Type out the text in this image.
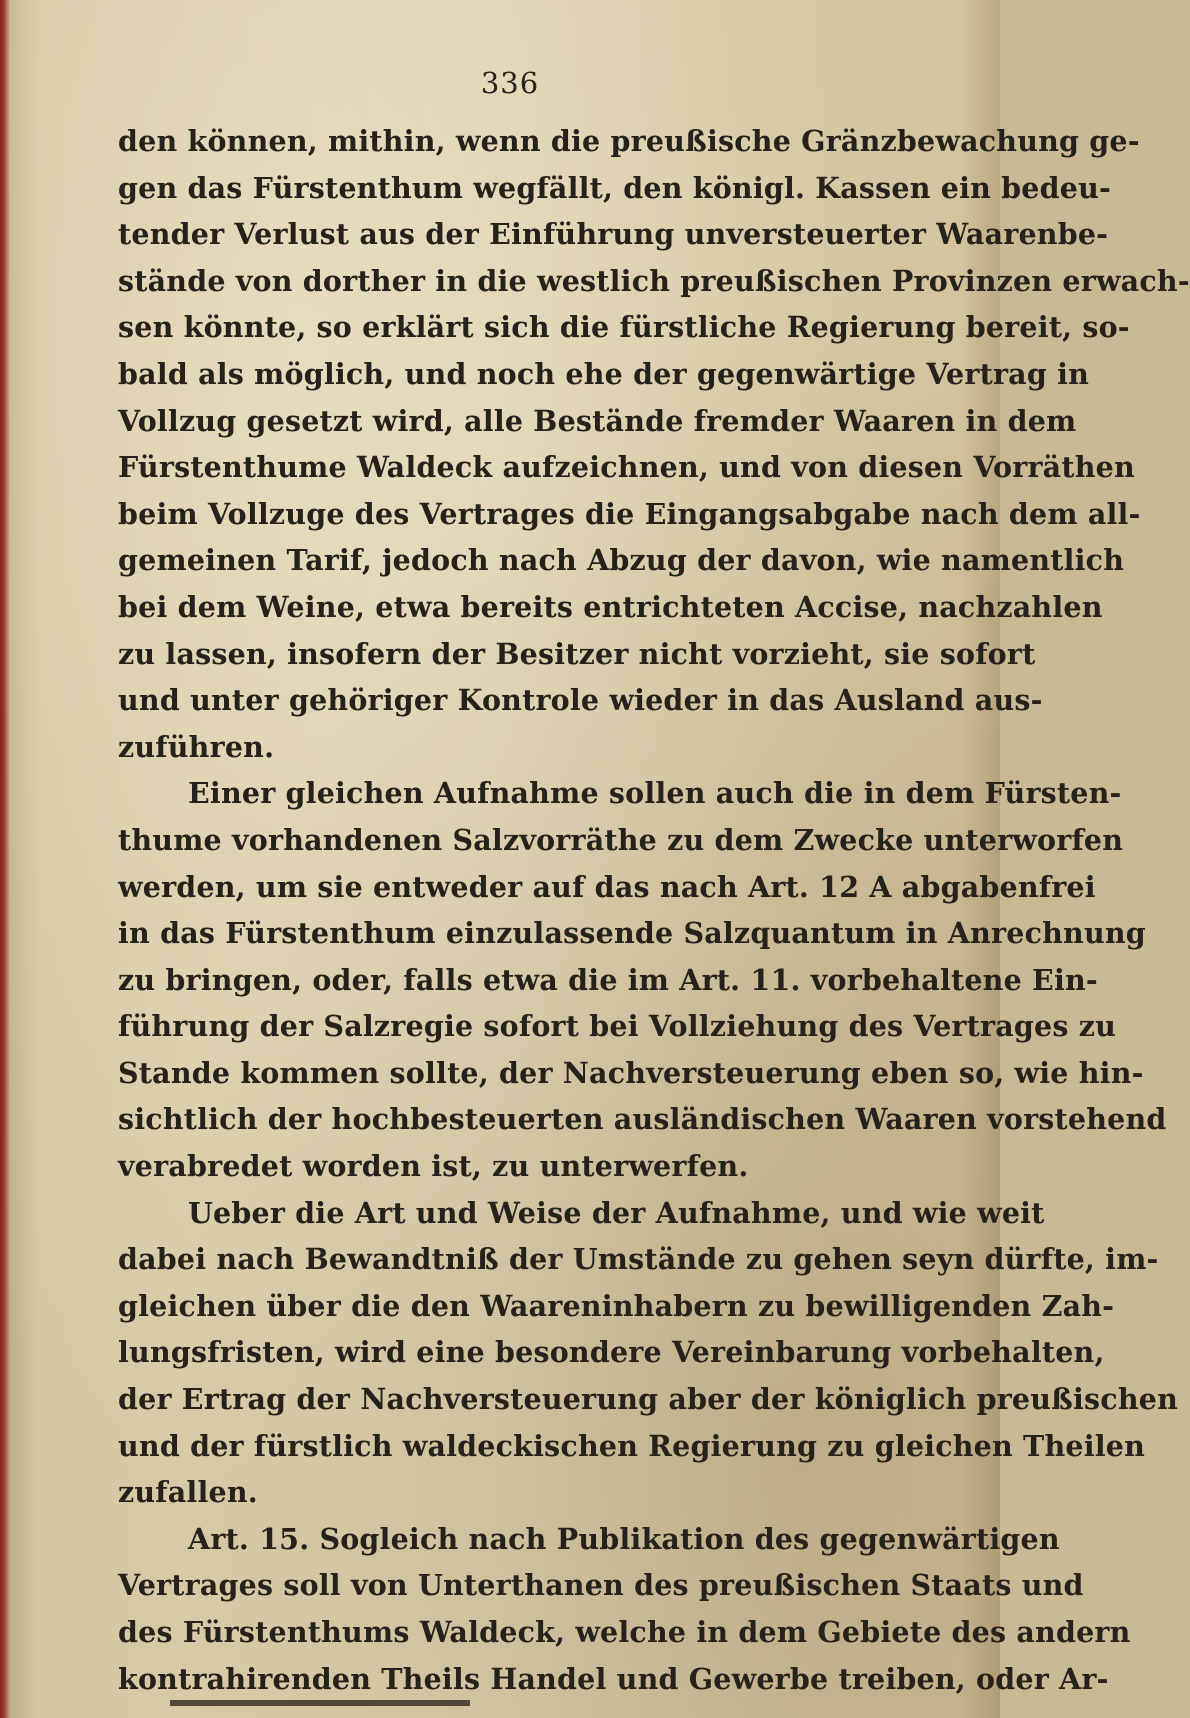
336
den können, mithin, wenn die preußische Gränzbewachung ge-
gen das Fürstenthum wegfällt, den königl. Kassen ein bedeu-
tender Verlust aus der Einführung unversteuerter Waarenbe-
stände von dorther in die westlich preußischen Provinzen erwach-
sen könnte, so erklärt sich die fürstliche Regierung bereit, so-
bald als möglich, und noch ehe der gegenwärtige Vertrag in
Vollzug gesetzt wird, alle Bestände fremder Waaren in dem
Fürstenthume Waldeck aufzeichnen, und von diesen Vorräthen
beim Vollzuge des Vertrages die Eingangsabgabe nach dem all-
gemeinen Tarif, jedoch nach Abzug der davon, wie namentlich
bei dem Weine, etwa bereits entrichteten Accise, nachzahlen
zu lassen, insofern der Besitzer nicht vorzieht, sie sofort
und unter gehöriger Kontrole wieder in das Ausland aus-
zuführen.
Einer gleichen Aufnahme sollen auch die in dem Fürsten-
thume vorhandenen Salzvorräthe zu dem Zwecke unterworfen
werden, um sie entweder auf das nach Art. 12 A abgabenfrei
in das Fürstenthum einzulassende Salzquantum in Anrechnung
zu bringen, oder, falls etwa die im Art. 11. vorbehaltene Ein-
führung der Salzregie sofort bei Vollziehung des Vertrages zu
Stande kommen sollte, der Nachversteuerung eben so, wie hin-
sichtlich der hochbesteuerten ausländischen Waaren vorstehend
verabredet worden ist, zu unterwerfen.
Ueber die Art und Weise der Aufnahme, und wie weit
dabei nach Bewandtniß der Umstände zu gehen seyn dürfte, im-
gleichen über die den Waareninhabern zu bewilligenden Zah-
lungsfristen, wird eine besondere Vereinbarung vorbehalten,
der Ertrag der Nachversteuerung aber der königlich preußischen
und der fürstlich waldeckischen Regierung zu gleichen Theilen
zufallen.
Art. 15. Sogleich nach Publikation des gegenwärtigen
Vertrages soll von Unterthanen des preußischen Staats und
des Fürstenthums Waldeck, welche in dem Gebiete des andern
kontrahirenden Theils Handel und Gewerbe treiben, oder Ar-
